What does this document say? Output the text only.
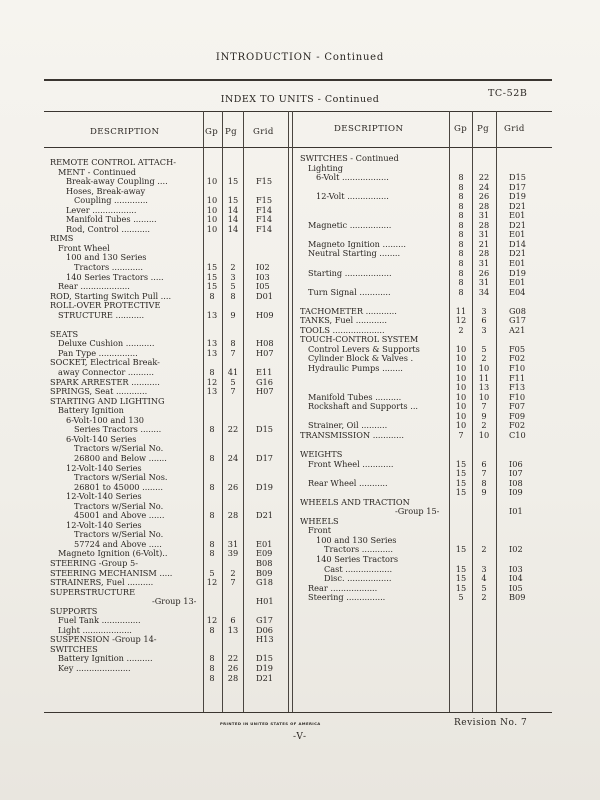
INTRODUCTION - Continued
INDEX TO UNITS - Continued
TC-52B
DESCRIPTION	Gp Pg Grid	DESCRIPTION	Gp Pg Grid
REMOTE CONTROL ATTACH-
MENT - Continued
Break-away Coupling ....	10	15	F15
Hoses, Break-away
Coupling .............	10	15	F15
Lever .................	10	14	F14
Manifold Tubes .........	10	14	F14
Rod, Control ...........	10	14	F14
RIMS
Front Wheel
100 and 130 Series
Tractors ............	15	2	I02
140 Series Tractors .....	15	3	I03
Rear ...................	15	5	I05
ROD, Starting Switch Pull ....	8	8	D01
ROLL-OVER PROTECTIVE
STRUCTURE ...........	13	9	H09
SEATS
Deluxe Cushion ...........	13	8	H08
Pan Type ...............	13	7	H07
SOCKET, Electrical Break-
away Connector ..........	8	41	E11
SPARK ARRESTER ...........	12	5	G16
SPRINGS, Seat ............	13	7	H07
STARTING AND LIGHTING
Battery Ignition
6-Volt-100 and 130
Series Tractors ........	8	22	D15
6-Volt-140 Series
Tractors w/Serial No.
26800 and Below .......	8	24	D17
12-Volt-140 Series
Tractors w/Serial Nos.
26801 to 45000 ........	8	26	D19
12-Volt-140 Series
Tractors w/Serial No.
45001 and Above ......	8	28	D21
12-Volt-140 Series
Tractors w/Serial No.
57724 and Above .....	8	31	E01
Magneto Ignition (6-Volt)..	8	39	E09
STEERING -Group 5-	B08
STEERING MECHANISM .....	5	2	B09
STRAINERS, Fuel ..........	12	7	G18
SUPERSTRUCTURE
-Group 13-	H01
SUPPORTS
Fuel Tank ...............	12	6	G17
Light ...................	8	13	D06
SUSPENSION -Group 14-	H13
SWITCHES
Battery Ignition ..........	8	22	D15
Key .....................	8	26	D19
8	28	D21
SWITCHES - Continued
Lighting
6-Volt ..................	8	22	D15
8	24	D17
12-Volt ................	8	26	D19
8	28	D21
8	31	E01
Magnetic ................	8	28	D21
8	31	E01
Magneto Ignition .........	8	21	D14
Neutral Starting ........	8	28	D21
8	31	E01
Starting ..................	8	26	D19
8	31	E01
Turn Signal ............	8	34	E04
TACHOMETER ............	11	3	G08
TANKS, Fuel ............	12	6	G17
TOOLS ....................	2	3	A21
TOUCH-CONTROL SYSTEM
Control Levers & Supports	10	5	F05
Cylinder Block & Valves .	10	2	F02
Hydraulic Pumps ........	10	10	F10
10	11	F11
10	13	F13
Manifold Tubes ..........	10	10	F10
Rockshaft and Supports ...	10	7	F07
10	9	F09
Strainer, Oil ..........	10	2	F02
TRANSMISSION ............	7	10	C10
WEIGHTS
Front Wheel ............	15	6	I06
15	7	I07
Rear Wheel ...........	15	8	I08
15	9	I09
WHEELS AND TRACTION
-Group 15-	I01
WHEELS
Front
100 and 130 Series
Tractors ............	15	2	I02
140 Series Tractors
Cast ..................	15	3	I03
Disc. .................	15	4	I04
Rear ..................	15	5	I05
Steering ...............	5	2	B09
PRINTED IN UNITED STATES OF AMERICA	Revision No. 7
-V-
